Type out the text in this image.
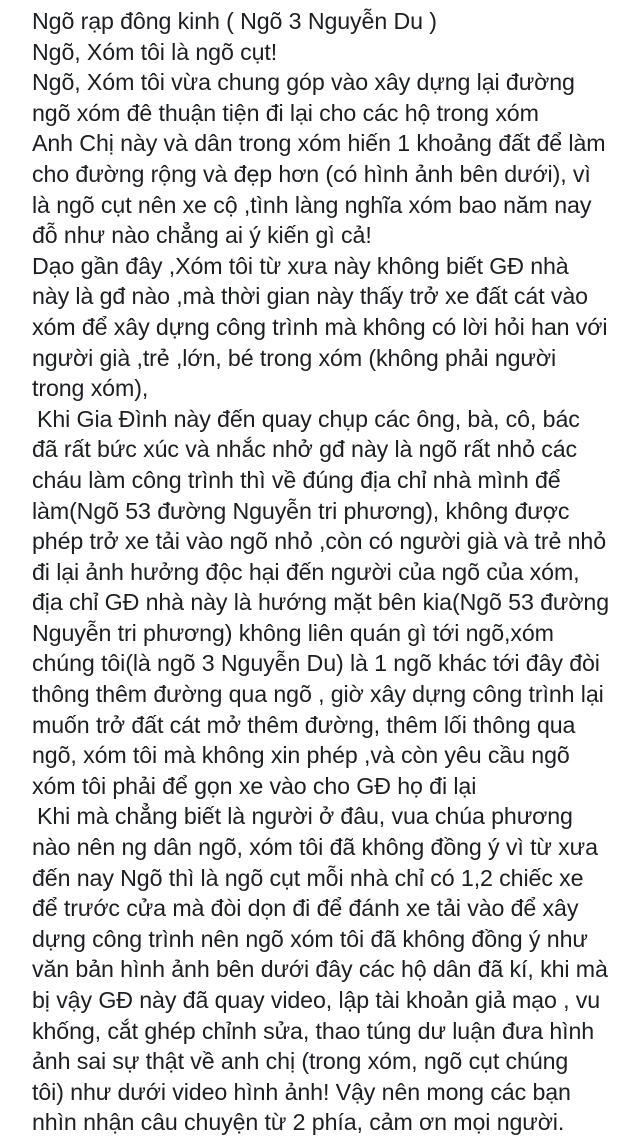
Ngõ rạp đông kinh ( Ngõ 3 Nguyễn Du )
Ngõ, Xóm tôi là ngõ cụt!
Ngõ, Xóm tôi vừa chung góp vào xây dựng lại đường
ngõ xóm đê thuận tiện đi lại cho các hộ trong xóm
Anh Chị này và dân trong xóm hiến 1 khoảng đất để làm
cho đường rộng và đẹp hơn (có hình ảnh bên dưới), vì
là ngõ cụt nên xe cộ ,tình làng nghĩa xóm bao năm nay
đỗ như nào chẳng ai ý kiến gì cả!
Dạo gần đây ,Xóm tôi từ xưa này không biết GĐ nhà
này là gđ nào ,mà thời gian này thấy trở xe đất cát vào
xóm để xây dựng công trình mà không có lời hỏi han với
người già ,trẻ ,lớn, bé trong xóm (không phải người
trong xóm),
Khi Gia Đình này đến quay chụp các ông, bà, cô, bác
đã rất bức xúc và nhắc nhở gđ này là ngõ rất nhỏ các
cháu làm công trình thì về đúng địa chỉ nhà mình để
làm(Ngõ 53 đường Nguyễn tri phương), không được
phép trở xe tải vào ngõ nhỏ ,còn có người già và trẻ nhỏ
đi lại ảnh hưởng độc hại đến người của ngõ của xóm,
địa chỉ GĐ nhà này là hướng mặt bên kia(Ngõ 53 đường
Nguyễn tri phương) không liên quán gì tới ngõ,xóm
chúng tôi(là ngõ 3 Nguyễn Du) là 1 ngõ khác tới đây đòi
thông thêm đường qua ngõ , giờ xây dựng công trình lại
muốn trở đất cát mở thêm đường, thêm lối thông qua
ngõ, xóm tôi mà không xin phép ,và còn yêu cầu ngõ
xóm tôi phải để gọn xe vào cho GĐ họ đi lại
Khi mà chẳng biết là người ở đâu, vua chúa phương
nào nên ng dân ngõ, xóm tôi đã không đồng ý vì từ xưa
đến nay Ngõ thì là ngõ cụt mỗi nhà chỉ có 1,2 chiếc xe
để trước cửa mà đòi dọn đi để đánh xe tải vào để xây
dựng công trình nên ngõ xóm tôi đã không đồng ý như
văn bản hình ảnh bên dưới đây các hộ dân đã kí, khi mà
bị vậy GĐ này đã quay video, lập tài khoản giả mạo , vu
khống, cắt ghép chỉnh sửa, thao túng dư luận đưa hình
ảnh sai sự thật về anh chị (trong xóm, ngõ cụt chúng
tôi) như dưới video hình ảnh! Vậy nên mong các bạn
nhìn nhận câu chuyện từ 2 phía, cảm ơn mọi người.
